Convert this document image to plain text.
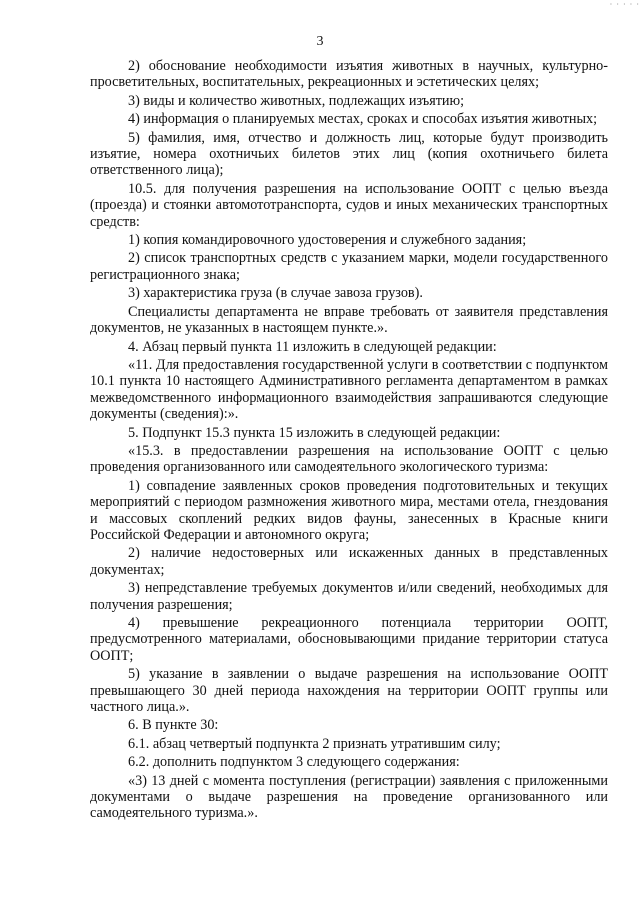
· · · · ·
3

2) обоснование необходимости изъятия животных в научных, культурно-просветительных, воспитательных, рекреационных и эстетических целях;

3) виды и количество животных, подлежащих изъятию;

4) информация о планируемых местах, сроках и способах изъятия животных;

5) фамилия, имя, отчество и должность лиц, которые будут производить изъятие, номера охотничьих билетов этих лиц (копия охотничьего билета ответственного лица);

10.5. для получения разрешения на использование ООПТ с целью въезда (проезда) и стоянки автомототранспорта, судов и иных механических транспортных средств:

1) копия командировочного удостоверения и служебного задания;

2) список транспортных средств с указанием марки, модели государственного регистрационного знака;

3) характеристика груза (в случае завоза грузов).

Специалисты департамента не вправе требовать от заявителя представления документов, не указанных в настоящем пункте.».

4. Абзац первый пункта 11 изложить в следующей редакции:

«11. Для предоставления государственной услуги в соответствии с подпунктом 10.1 пункта 10 настоящего Административного регламента департаментом в рамках межведомственного информационного взаимодействия запрашиваются следующие документы (сведения):».

5. Подпункт 15.3 пункта 15 изложить в следующей редакции:

«15.3. в предоставлении разрешения на использование ООПТ с целью проведения организованного или самодеятельного экологического туризма:

1) совпадение заявленных сроков проведения подготовительных и текущих мероприятий с периодом размножения животного мира, местами отела, гнездования и массовых скоплений редких видов фауны, занесенных в Красные книги Российской Федерации и автономного округа;

2) наличие недостоверных или искаженных данных в представленных документах;

3) непредставление требуемых документов и/или сведений, необходимых для получения разрешения;

4) превышение рекреационного потенциала территории ООПТ, предусмотренного материалами, обосновывающими придание территории статуса ООПТ;

5) указание в заявлении о выдаче разрешения на использование ООПТ превышающего 30 дней периода нахождения на территории ООПТ группы или частного лица.».

6. В пункте 30:

6.1. абзац четвертый подпункта 2 признать утратившим силу;

6.2. дополнить подпунктом 3 следующего содержания:

«3) 13 дней с момента поступления (регистрации) заявления с приложенными документами о выдаче разрешения на проведение организованного или самодеятельного туризма.».
